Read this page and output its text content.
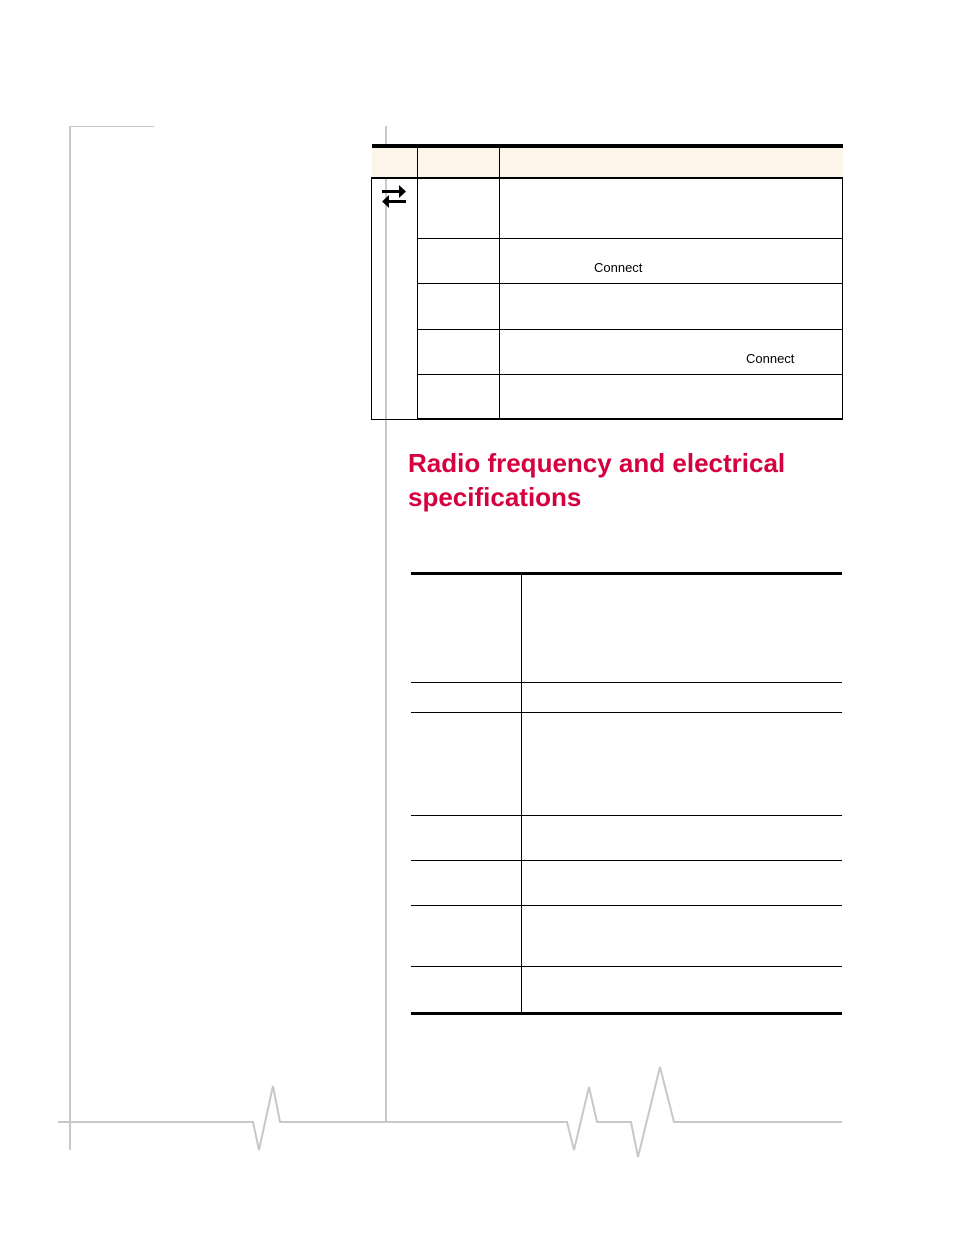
		Connect

		Connect

Radio frequency and electrical specifications
